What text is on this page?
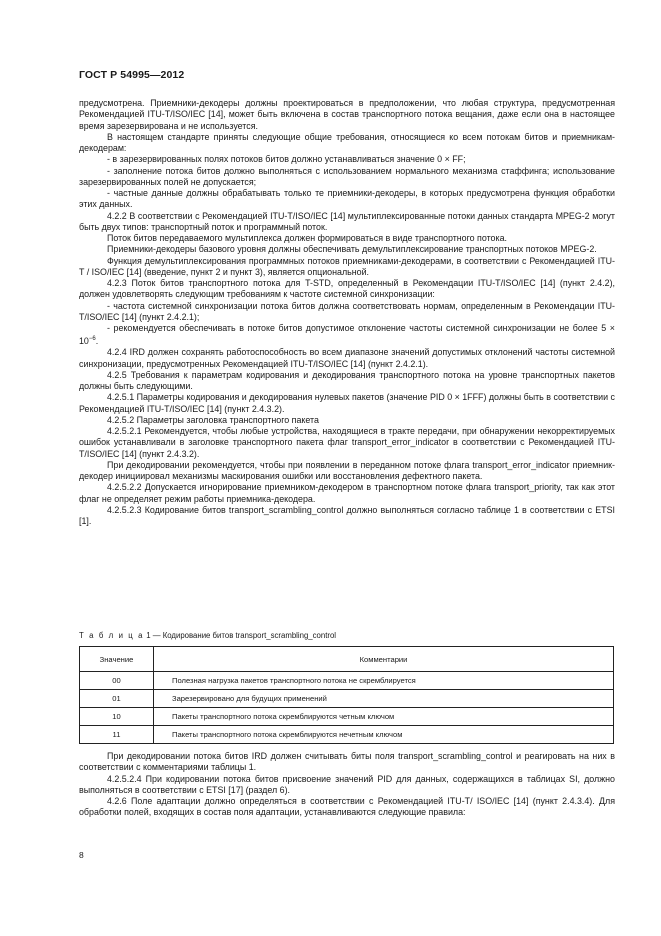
ГОСТ Р 54995—2012

предусмотрена. Приемники-декодеры должны проектироваться в предположении, что любая структура, предусмотренная Рекомендацией ITU-T/ISO/IEC [14], может быть включена в состав транспортного потока вещания, даже если она в настоящее время зарезервирована и не используется.

В настоящем стандарте приняты следующие общие требования, относящиеся ко всем потокам битов и приемникам-декодерам:

- в зарезервированных полях потоков битов должно устанавливаться значение 0 × FF;

- заполнение потока битов должно выполняться с использованием нормального механизма стаффинга; использование зарезервированных полей не допускается;

- частные данные должны обрабатывать только те приемники-декодеры, в которых предусмотрена функция обработки этих данных.

4.2.2 В соответствии с Рекомендацией ITU-T/ISO/IEC [14] мультиплексированные потоки данных стандарта MPEG-2 могут быть двух типов: транспортный поток и программный поток.

Поток битов передаваемого мультиплекса должен формироваться в виде транспортного потока.

Приемники-декодеры базового уровня должны обеспечивать демультиплексирование транспортных потоков MPEG-2.

Функция демультиплексирования программных потоков приемниками-декодерами, в соответствии с Рекомендацией ITU-T / ISO/IEC [14] (введение, пункт 2 и пункт 3), является опциональной.

4.2.3 Поток битов транспортного потока для T-STD, определенный в Рекомендации ITU-T/ISO/IEC [14] (пункт 2.4.2), должен удовлетворять следующим требованиям к частоте системной синхронизации:

- частота системной синхронизации потока битов должна соответствовать нормам, определенным в Рекомендации ITU-T/ISO/IEC [14] (пункт 2.4.2.1);

- рекомендуется обеспечивать в потоке битов допустимое отклонение частоты системной синхронизации не более $5 \times 10^{-6}$.

4.2.4 IRD должен сохранять работоспособность во всем диапазоне значений допустимых отклонений частоты системной синхронизации, предусмотренных Рекомендацией ITU-T/ISO/IEC [14] (пункт 2.4.2.1).

4.2.5 Требования к параметрам кодирования и декодирования транспортного потока на уровне транспортных пакетов должны быть следующими.

4.2.5.1 Параметры кодирования и декодирования нулевых пакетов (значение PID 0 × 1FFF) должны быть в соответствии с Рекомендацией ITU-T/ISO/IEC [14] (пункт 2.4.3.2).

4.2.5.2 Параметры заголовка транспортного пакета

4.2.5.2.1 Рекомендуется, чтобы любые устройства, находящиеся в тракте передачи, при обнаружении некорректируемых ошибок устанавливали в заголовке транспортного пакета флаг transport_error_indicator в соответствии с Рекомендацией ITU-T/ISO/IEC [14] (пункт 2.4.3.2).

При декодировании рекомендуется, чтобы при появлении в переданном потоке флага transport_error_indicator приемник-декодер инициировал механизмы маскирования ошибки или восстановления дефектного пакета.

4.2.5.2.2 Допускается игнорирование приемником-декодером в транспортном потоке флага transport_priority, так как этот флаг не определяет режим работы приемника-декодера.

4.2.5.2.3 Кодирование битов transport_scrambling_control должно выполняться согласно таблице 1 в соответствии с ETSI [1].

Т а б л и ц а 1 — Кодирование битов transport_scrambling_control
Значение	Комментарии
00	Полезная нагрузка пакетов транспортного потока не скремблируется
01	Зарезервировано для будущих применений
10	Пакеты транспортного потока скремблируются четным ключом
11	Пакеты транспортного потока скремблируются нечетным ключом

При декодировании потока битов IRD должен считывать биты поля transport_scrambling_control и реагировать на них в соответствии с комментариями таблицы 1.

4.2.5.2.4 При кодировании потока битов присвоение значений PID для данных, содержащихся в таблицах SI, должно выполняться в соответствии с ETSI [17] (раздел 6).

4.2.6 Поле адаптации должно определяться в соответствии с Рекомендацией ITU-T/ ISO/IEC [14] (пункт 2.4.3.4). Для обработки полей, входящих в состав поля адаптации, устанавливаются следующие правила:

8
